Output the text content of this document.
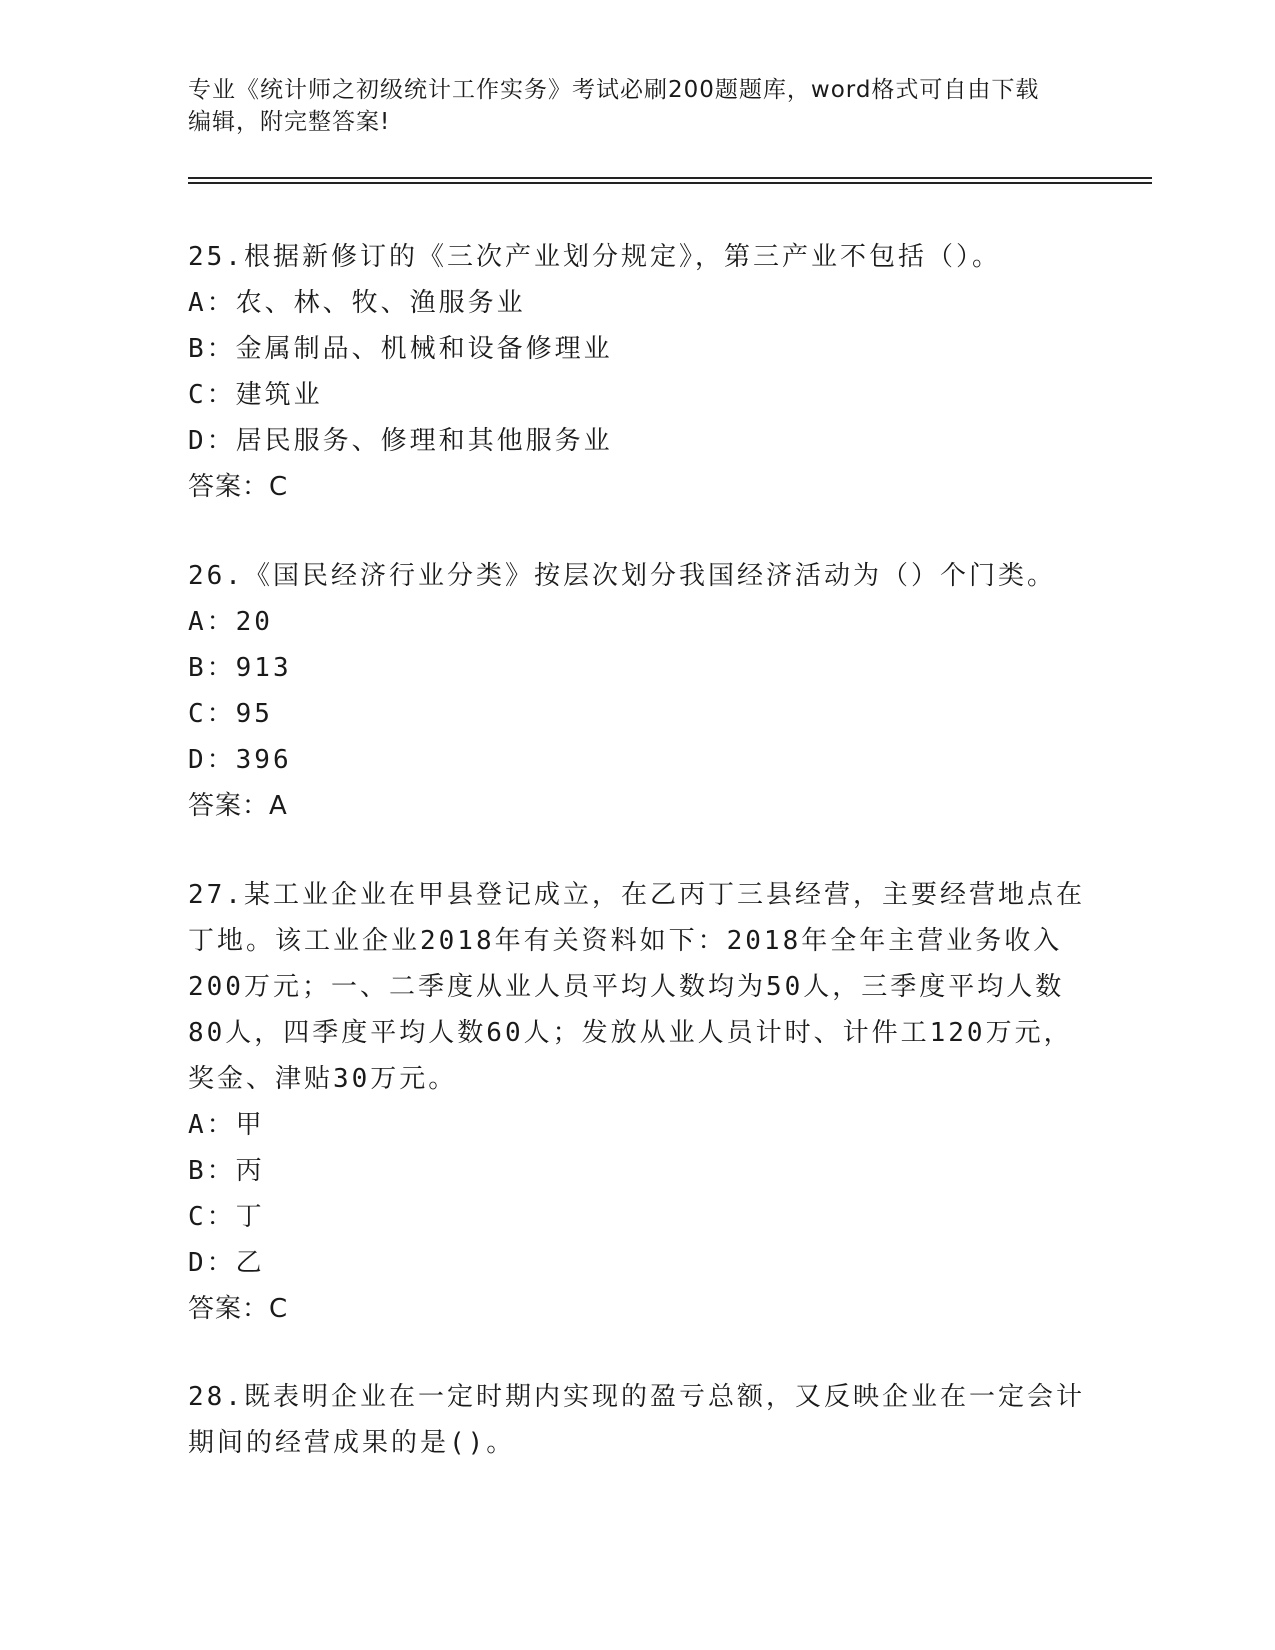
专业《统计师之初级统计工作实务》考试必刷200题题库，word格式可自由下载
编辑，附完整答案!

25.根据新修订的《三次产业划分规定》，第三产业不包括（）。

A：农、林、牧、渔服务业

B：金属制品、机械和设备修理业

C：建筑业

D：居民服务、修理和其他服务业

答案：C

26.《国民经济行业分类》按层次划分我国经济活动为（）个门类。

A：20

B：913

C：95

D：396

答案：A

27.某工业企业在甲县登记成立，在乙丙丁三县经营，主要经营地点在

丁地。该工业企业2018年有关资料如下：2018年全年主营业务收入

200万元；一、二季度从业人员平均人数均为50人，三季度平均人数

80人，四季度平均人数60人；发放从业人员计时、计件工120万元，

奖金、津贴30万元。

A：甲

B：丙

C：丁

D：乙

答案：C

28.既表明企业在一定时期内实现的盈亏总额，又反映企业在一定会计

期间的经营成果的是()。
